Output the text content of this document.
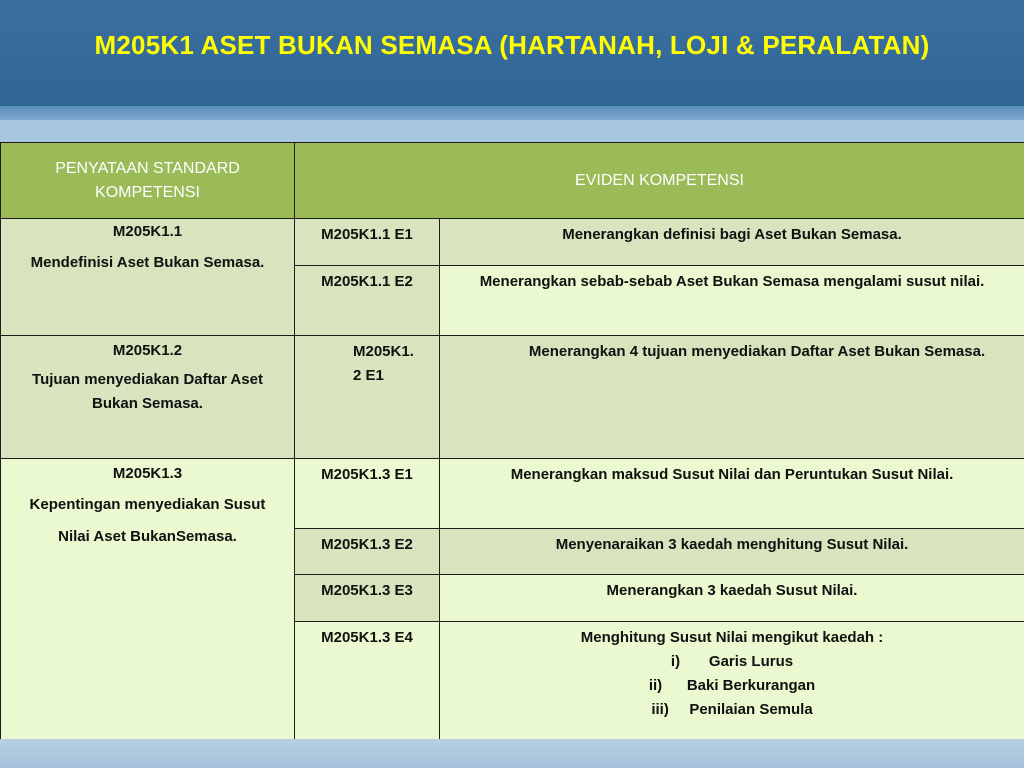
M205K1 ASET BUKAN SEMASA (HARTANAH, LOJI & PERALATAN)
PENYATAAN STANDARD KOMPETENSI	EVIDEN KOMPETENSI	

M205K1.1
Mendefinisi Aset Bukan Semasa.	M205K1.1 E1	Menerangkan definisi bagi Aset Bukan Semasa.

	M205K1.1 E2	Menerangkan sebab-sebab Aset Bukan Semasa mengalami susut nilai.

M205K1.2
Tujuan menyediakan Daftar Aset Bukan Semasa.	M205K1. 2 E1	Menerangkan 4 tujuan menyediakan Daftar Aset Bukan Semasa.

M205K1.3
Kepentingan menyediakan Susut
Nilai Aset BukanSemasa.	M205K1.3 E1	Menerangkan maksud Susut Nilai dan Peruntukan Susut Nilai.

	M205K1.3 E2	Menyenaraikan 3 kaedah menghitung Susut Nilai.

	M205K1.3 E3	Menerangkan 3 kaedah Susut Nilai.

	M205K1.3 E4	Menghitung Susut Nilai mengikut kaedah :
i) Garis Lurus
ii) Baki Berkurangan
iii) Penilaian Semula
